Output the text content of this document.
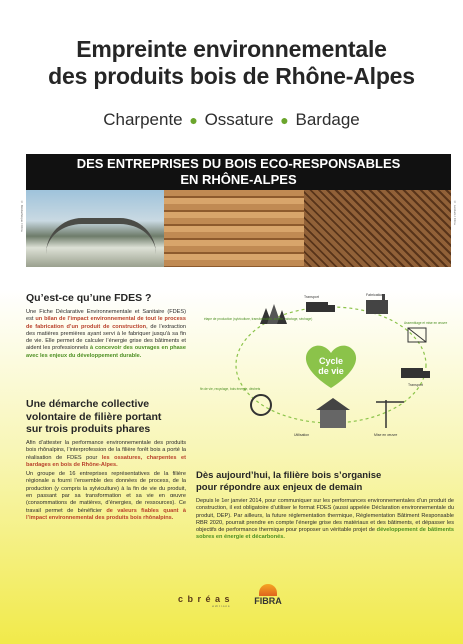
Empreinte environnementale
des produits bois de Rhône-Alpes
Charpente ● Ossature ● Bardage
DES ENTREPRISES DU BOIS ECO-RESPONSABLES
EN RHÔNE-ALPES
© Médiathèque / Fibra	© Lesbats / Fibra
Qu’est-ce qu’une FDES ?
Une Fiche Déclarative Environnementale et Sanitaire (FDES) est un bilan de l’impact environnemental de tout le process de fabrication d’un produit de construction, de l’extraction des matières premières ayant servi à le fabriquer jusqu’à sa fin de vie. Elle permet de calculer l’énergie grise des bâtiments et aident les professionnels à concevoir des ouvrages en phase avec les enjeux du développement durable.
Une démarche collective
volontaire de filière portant
sur trois produits phares
Afin d’attester la performance environnementale des produits bois rhônalpins, l’interprofession de la filière forêt bois a porté la réalisation de FDES pour les ossatures, charpentes et bardages en bois de Rhône-Alpes.
Un groupe de 16 entreprises représentatives de la filière régionale a fourni l’ensemble des données de process, de la production (y compris la sylviculture) à la fin de vie du produit, en passant par sa transformation et sa vie en œuvre (consommations de matières, d’énergies, de ressources). Ce travail permet de bénéficier de valeurs fiables quant à l’impact environnemental des produits bois rhônalpins.
Cycle
de vie
étape de production (sylviculture, transformation, scierie, rabotage, séchage)
Transport	Fabrication
Assemblage et mise en œuvre
Transport
Mise en œuvre
Utilisation
fin de vie, recyclage, bois énergie, déchets
Dès aujourd’hui, la filière bois s’organise
pour répondre aux enjeux de demain
Depuis le 1er janvier 2014, pour communiquer sur les performances environnementales d’un produit de construction, il est obligatoire d’utiliser le format FDES (aussi appelée Déclaration environnementale du produit, DEP). Par ailleurs, la future réglementation thermique, Réglementation Bâtiment Responsable RBR 2020, pourrait prendre en compte l’énergie grise des matériaux et des bâtiments, et dépasser les objectifs de performance thermique pour proposer un véritable projet de développement de bâtiments sobres en énergie et décarbonés.
c b r é a s
éditions	FIBRA
